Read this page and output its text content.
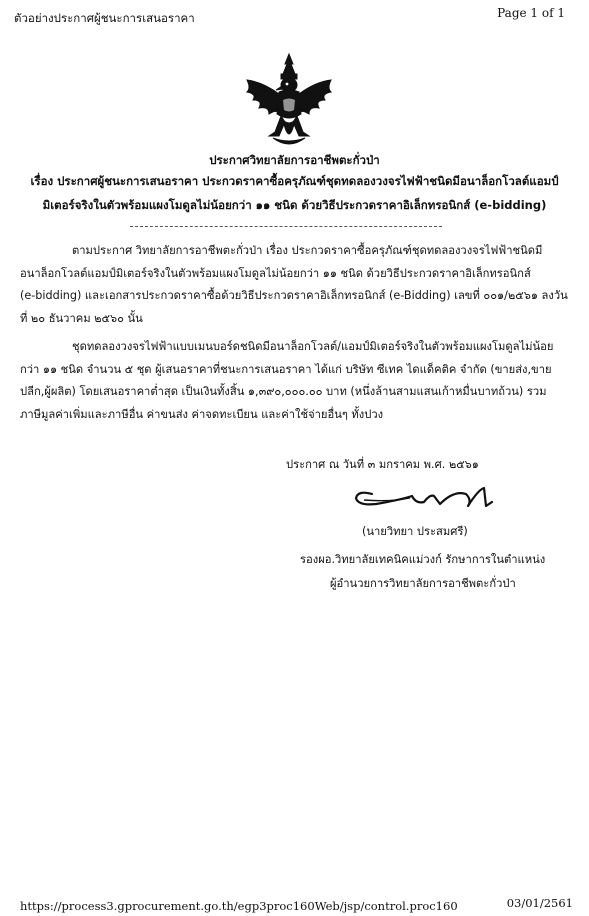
ตัวอย่างประกาศผู้ชนะการเสนอราคา	Page 1 of 1
ประกาศวิทยาลัยการอาชีพตะกั่วป่า
เรื่อง ประกาศผู้ชนะการเสนอราคา ประกวดราคาซื้อครุภัณฑ์ชุดทดลองวงจรไฟฟ้าชนิดมีอนาล็อกโวลต์แอมป์
มิเตอร์จริงในตัวพร้อมแผงโมดูลไม่น้อยกว่า ๑๑ ชนิด ด้วยวิธีประกวดราคาอิเล็กทรอนิกส์ (e-bidding)
ตามประกาศ วิทยาลัยการอาชีพตะกั่วป่า เรื่อง ประกวดราคาซื้อครุภัณฑ์ชุดทดลองวงจรไฟฟ้าชนิดมี
อนาล็อกโวลต์แอมป์มิเตอร์จริงในตัวพร้อมแผงโมดูลไม่น้อยกว่า ๑๑ ชนิด ด้วยวิธีประกวดราคาอิเล็กทรอนิกส์
(e-bidding) และเอกสารประกวดราคาซื้อด้วยวิธีประกวดราคาอิเล็กทรอนิกส์ (e-Bidding) เลขที่ ๐๐๑/๒๕๖๑ ลงวัน
ที่ ๒๐ ธันวาคม ๒๕๖๐ นั้น
ชุดทดลองวงจรไฟฟ้าแบบเมนบอร์ดชนิดมีอนาล็อกโวลต์/แอมป์มิเตอร์จริงในตัวพร้อมแผงโมดูลไม่น้อย
กว่า ๑๑ ชนิด จำนวน ๕ ชุด ผู้เสนอราคาที่ชนะการเสนอราคา ได้แก่ บริษัท ซีเทค ไดแด็คติค จำกัด (ขายส่ง,ขาย
ปลีก,ผู้ผลิต) โดยเสนอราคาต่ำสุด เป็นเงินทั้งสิ้น ๑,๓๙๐,๐๐๐.๐๐ บาท (หนึ่งล้านสามแสนเก้าหมื่นบาทถ้วน) รวม
ภาษีมูลค่าเพิ่มและภาษีอื่น ค่าขนส่ง ค่าจดทะเบียน และค่าใช้จ่ายอื่นๆ ทั้งปวง
ประกาศ ณ วันที่ ๓ มกราคม พ.ศ. ๒๕๖๑
(นายวิทยา ประสมศรี)
รองผอ.วิทยาลัยเทคนิคแม่วงก์ รักษาการในตำแหน่ง
ผู้อำนวยการวิทยาลัยการอาชีพตะกั่วป่า
https://process3.gprocurement.go.th/egp3proc160Web/jsp/control.proc160	03/01/2561
